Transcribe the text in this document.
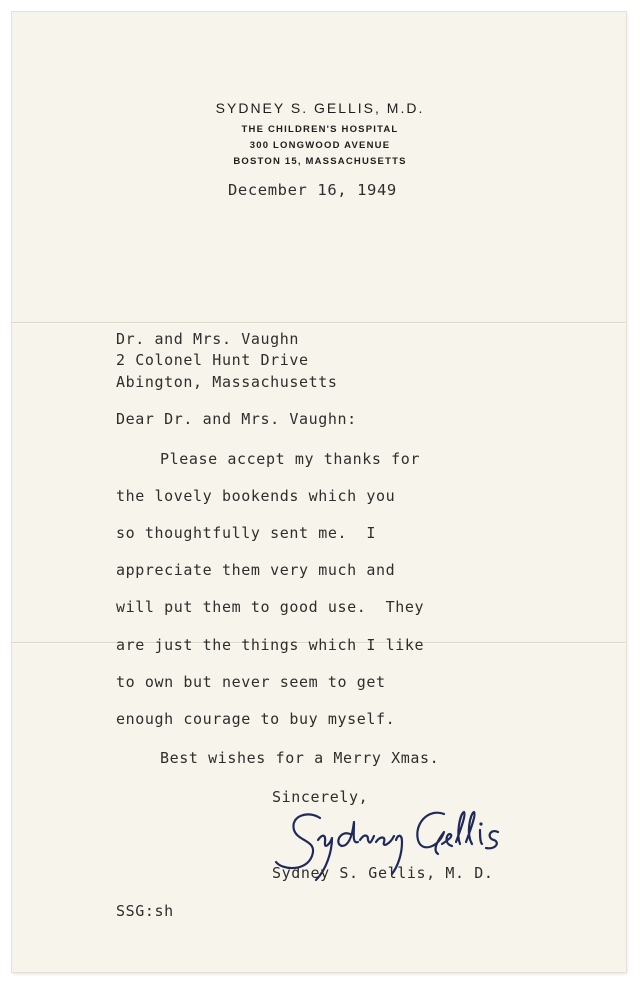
SYDNEY S. GELLIS, M.D.
THE CHILDREN'S HOSPITAL
300 LONGWOOD AVENUE
BOSTON 15, MASSACHUSETTS
December 16, 1949
Dr. and Mrs. Vaughn
2 Colonel Hunt Drive
Abington, Massachusetts
Dear Dr. and Mrs. Vaughn:
Please accept my thanks for
the lovely bookends which you
so thoughtfully sent me.  I
appreciate them very much and
will put them to good use.  They
are just the things which I like
to own but never seem to get
enough courage to buy myself.
Best wishes for a Merry Xmas.
Sincerely,
Sydney S. Gellis, M. D.
SSG:sh
